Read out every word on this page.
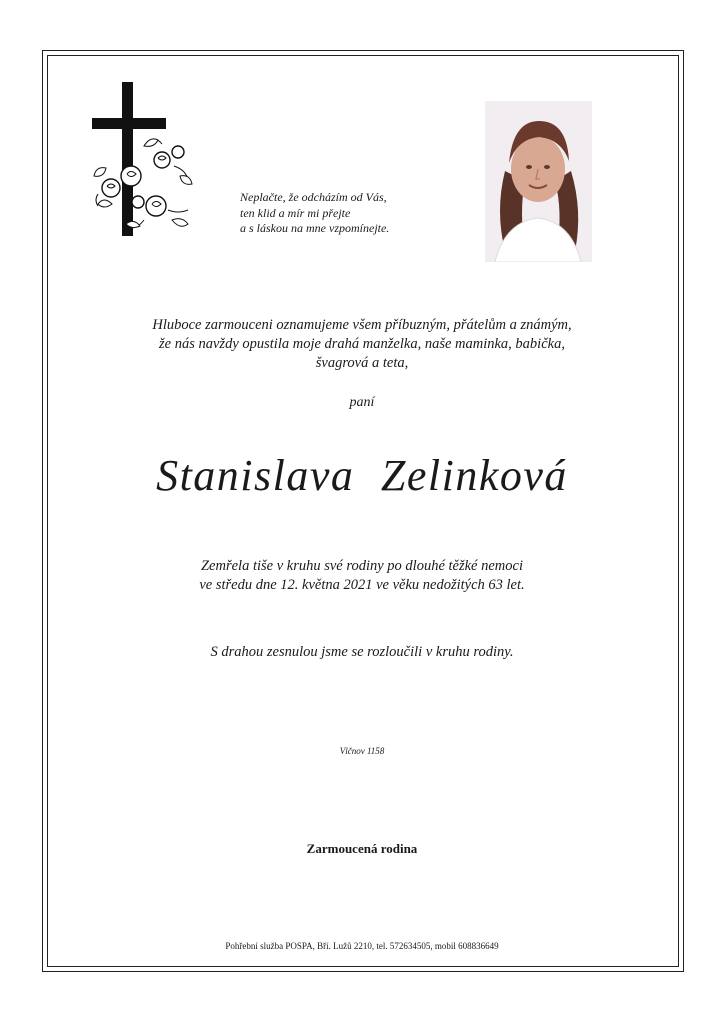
Neplačte, že odcházím od Vás,
ten klid a mír mi přejte
a s láskou na mne vzpomínejte.
Hluboce zarmouceni oznamujeme všem příbuzným, přátelům a známým,
že nás navždy opustila moje drahá manželka, naše maminka, babička,
švagrová a teta,
paní
Stanislava Zelinková
Zemřela tiše v kruhu své rodiny po dlouhé těžké nemoci
ve středu dne 12. května 2021 ve věku nedožitých 63 let.
S drahou zesnulou jsme se rozloučili v kruhu rodiny.
Vlčnov 1158
Zarmoucená rodina
Pohřební služba POSPA, Bří. Lužů 2210, tel. 572634505, mobil 608836649
